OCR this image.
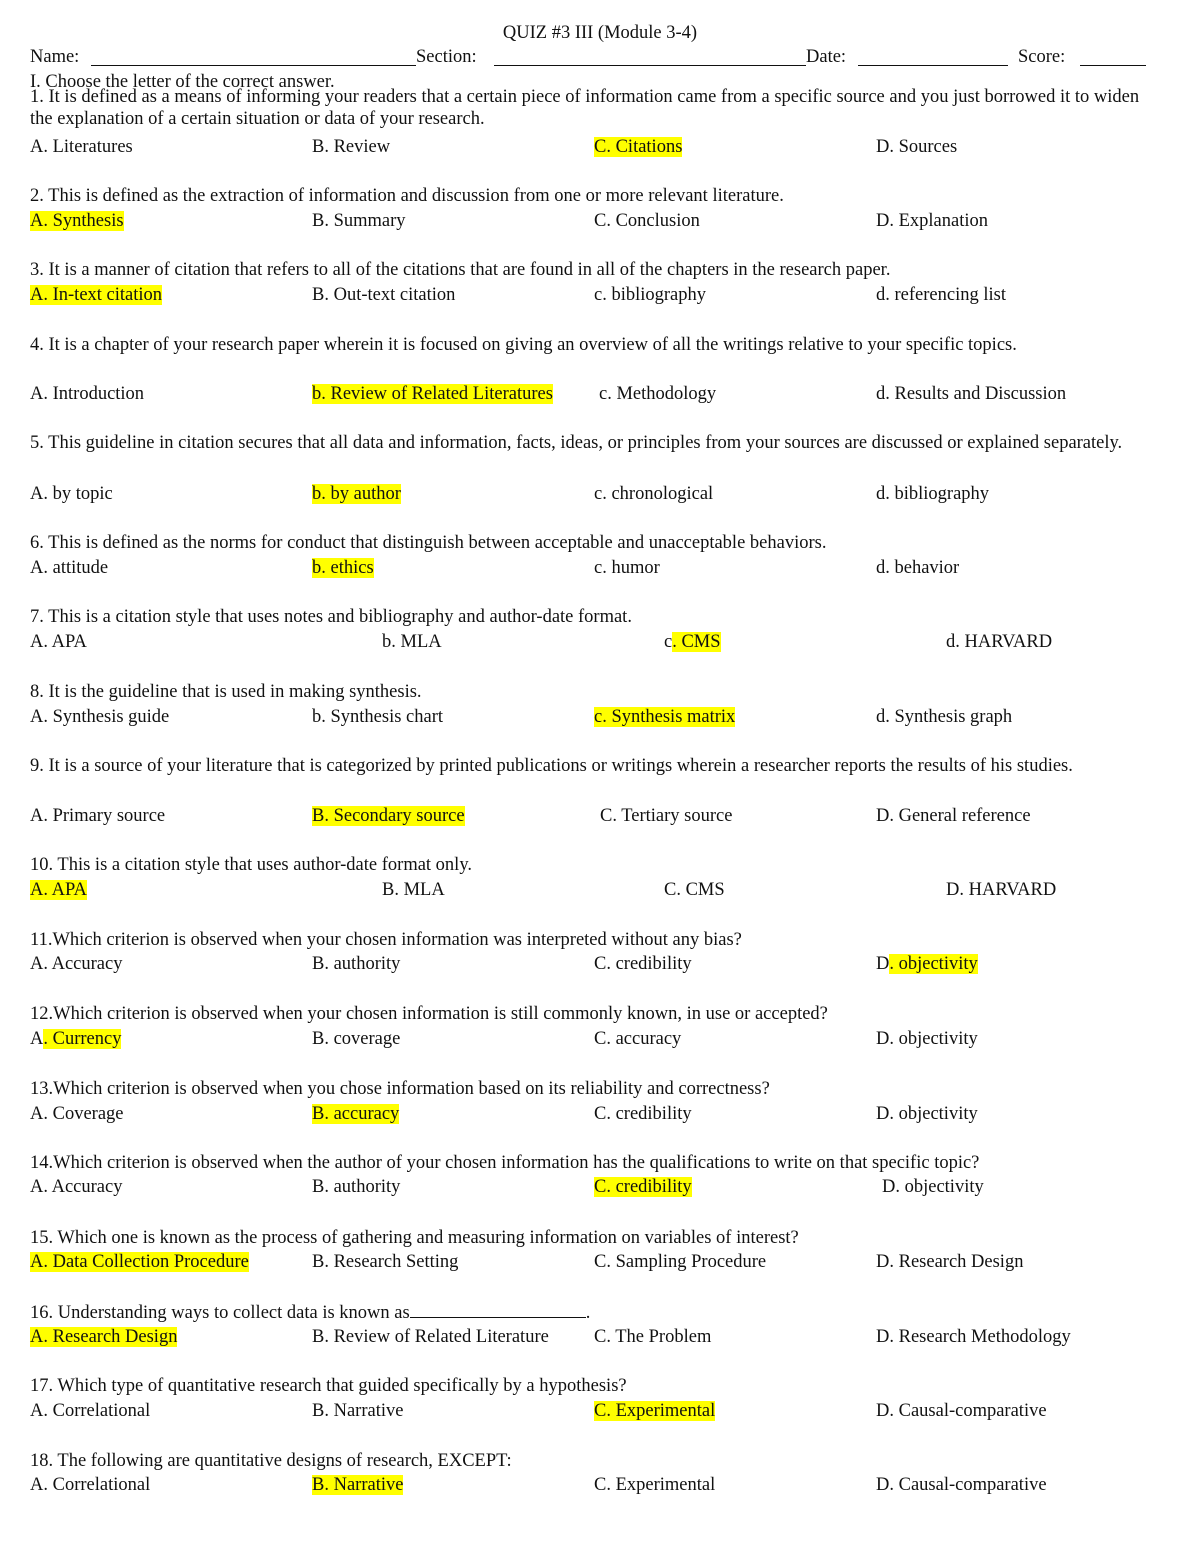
QUIZ #3 III (Module 3-4)
Name:	Section:	Date:	Score:
I. Choose the letter of the correct answer.
1. It is defined as a means of informing your readers that a certain piece of information came from a specific source and you just borrowed it to widen the explanation of a certain situation or data of your research.
A. Literatures	B. Review	C. Citations	D. Sources
2. This is defined as the extraction of information and discussion from one or more relevant literature.
A. Synthesis	B. Summary	C. Conclusion	D. Explanation
3. It is a manner of citation that refers to all of the citations that are found in all of the chapters in the research paper.
A. In-text citation	B. Out-text citation	c. bibliography	d. referencing list
4. It is a chapter of your research paper wherein it is focused on giving an overview of all the writings relative to your specific topics.
A. Introduction	b. Review of Related Literatures c. Methodology	d. Results and Discussion
5. This guideline in citation secures that all data and information, facts, ideas, or principles from your sources are discussed or explained separately.
A. by topic	b. by author	c. chronological	d. bibliography
6. This is defined as the norms for conduct that distinguish between acceptable and unacceptable behaviors.
A. attitude	b. ethics	c. humor	d. behavior
7. This is a citation style that uses notes and bibliography and author-date format.
A. APA	b. MLA	c. CMS	d. HARVARD
8. It is the guideline that is used in making synthesis.
A. Synthesis guide	b. Synthesis chart	c. Synthesis matrix	d. Synthesis graph
9. It is a source of your literature that is categorized by printed publications or writings wherein a researcher reports the results of his studies.
A. Primary source	B. Secondary source	C. Tertiary source	D. General reference
10. This is a citation style that uses author-date format only.
A. APA	B. MLA	C. CMS	D. HARVARD
11.Which criterion is observed when your chosen information was interpreted without any bias?
A. Accuracy	B. authority	C. credibility	D. objectivity
12.Which criterion is observed when your chosen information is still commonly known, in use or accepted?
A. Currency	B. coverage	C. accuracy	D. objectivity
13.Which criterion is observed when you chose information based on its reliability and correctness?
A. Coverage	B. accuracy	C. credibility	D. objectivity
14.Which criterion is observed when the author of your chosen information has the qualifications to write on that specific topic?
A. Accuracy	B. authority	C. credibility	D. objectivity
15. Which one is known as the process of gathering and measuring information on variables of interest?
A. Data Collection Procedure	B. Research Setting	C. Sampling Procedure	D. Research Design
16. Understanding ways to collect data is known as	.
A. Research Design	B. Review of Related Literature C. The Problem	D. Research Methodology
17. Which type of quantitative research that guided specifically by a hypothesis?
A. Correlational	B. Narrative	C. Experimental	D. Causal-comparative
18. The following are quantitative designs of research, EXCEPT:
A. Correlational	B. Narrative	C. Experimental	D. Causal-comparative
